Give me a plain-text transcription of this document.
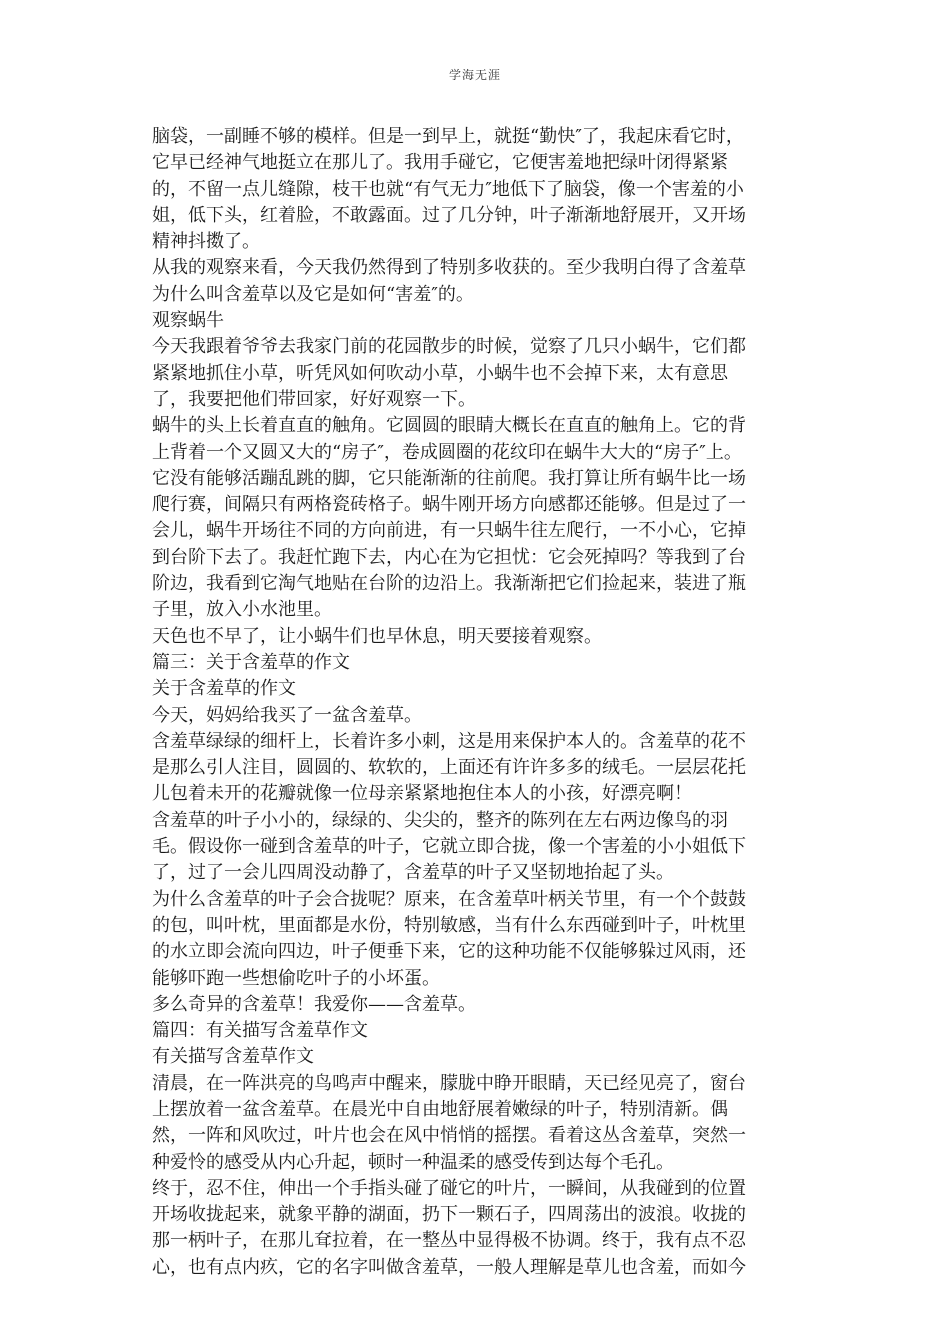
学海无涯
脑袋，一副睡不够的模样。但是一到早上，就挺“勤快″了，我起床看它时，
它早已经神气地挺立在那儿了。我用手碰它，它便害羞地把绿叶闭得紧紧
的，不留一点儿缝隙，枝干也就“有气无力″地低下了脑袋，像一个害羞的小
姐，低下头，红着脸，不敢露面。过了几分钟，叶子渐渐地舒展开，又开场
精神抖擞了。
从我的观察来看，今天我仍然得到了特别多收获的。至少我明白得了含羞草
为什么叫含羞草以及它是如何“害羞″的。
观察蜗牛
今天我跟着爷爷去我家门前的花园散步的时候，觉察了几只小蜗牛，它们都
紧紧地抓住小草，听凭风如何吹动小草，小蜗牛也不会掉下来，太有意思
了，我要把他们带回家，好好观察一下。
蜗牛的头上长着直直的触角。它圆圆的眼睛大概长在直直的触角上。它的背
上背着一个又圆又大的“房子″，卷成圆圈的花纹印在蜗牛大大的“房子″上。
它没有能够活蹦乱跳的脚，它只能渐渐的往前爬。我打算让所有蜗牛比一场
爬行赛，间隔只有两格瓷砖格子。蜗牛刚开场方向感都还能够。但是过了一
会儿，蜗牛开场往不同的方向前进，有一只蜗牛往左爬行，一不小心，它掉
到台阶下去了。我赶忙跑下去，内心在为它担忧：它会死掉吗？等我到了台
阶边，我看到它淘气地贴在台阶的边沿上。我渐渐把它们捡起来，装进了瓶
子里，放入小水池里。
天色也不早了，让小蜗牛们也早休息，明天要接着观察。
篇三：关于含羞草的作文
关于含羞草的作文
今天，妈妈给我买了一盆含羞草。
含羞草绿绿的细杆上，长着许多小刺，这是用来保护本人的。含羞草的花不
是那么引人注目，圆圆的、软软的，上面还有许许多多的绒毛。一层层花托
儿包着未开的花瓣就像一位母亲紧紧地抱住本人的小孩，好漂亮啊！
含羞草的叶子小小的，绿绿的、尖尖的，整齐的陈列在左右两边像鸟的羽
毛。假设你一碰到含羞草的叶子，它就立即合拢，像一个害羞的小小姐低下
了，过了一会儿四周没动静了，含羞草的叶子又坚韧地抬起了头。
为什么含羞草的叶子会合拢呢？原来，在含羞草叶柄关节里，有一个个鼓鼓
的包，叫叶枕，里面都是水份，特别敏感，当有什么东西碰到叶子，叶枕里
的水立即会流向四边，叶子便垂下来，它的这种功能不仅能够躲过风雨，还
能够吓跑一些想偷吃叶子的小坏蛋。
多么奇异的含羞草！我爱你——含羞草。
篇四：有关描写含羞草作文
有关描写含羞草作文
清晨，在一阵洪亮的鸟鸣声中醒来，朦胧中睁开眼睛，天已经见亮了，窗台
上摆放着一盆含羞草。在晨光中自由地舒展着嫩绿的叶子，特别清新。偶
然，一阵和风吹过，叶片也会在风中悄悄的摇摆。看着这丛含羞草，突然一
种爱怜的感受从内心升起，顿时一种温柔的感受传到达每个毛孔。
终于，忍不住，伸出一个手指头碰了碰它的叶片，一瞬间，从我碰到的位置
开场收拢起来，就象平静的湖面，扔下一颗石子，四周荡出的波浪。收拢的
那一柄叶子，在那儿耷拉着，在一整丛中显得极不协调。终于，我有点不忍
心，也有点内疚，它的名字叫做含羞草，一般人理解是草儿也含羞，而如今
